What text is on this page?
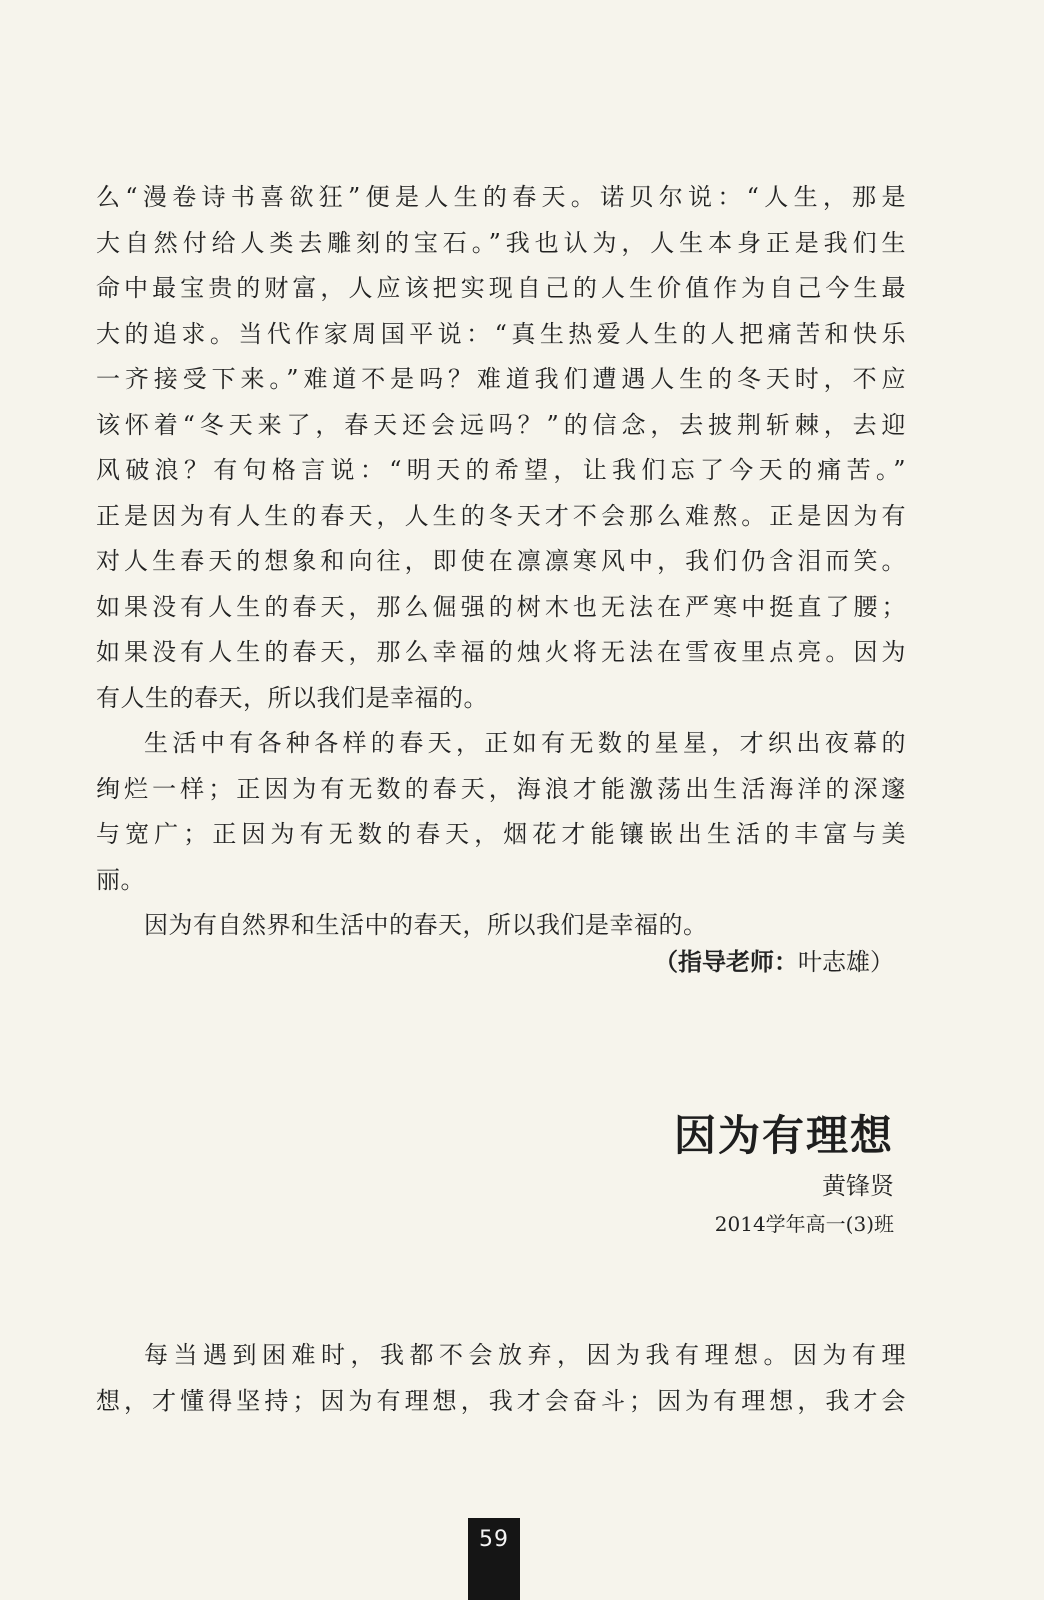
么“漫卷诗书喜欲狂”便是人生的春天。诺贝尔说：“人生，那是
大自然付给人类去雕刻的宝石。”我也认为，人生本身正是我们生
命中最宝贵的财富，人应该把实现自己的人生价值作为自己今生最
大的追求。当代作家周国平说：“真生热爱人生的人把痛苦和快乐
一齐接受下来。”难道不是吗？难道我们遭遇人生的冬天时，不应
该怀着“冬天来了，春天还会远吗？”的信念，去披荆斩棘，去迎
风破浪？有句格言说：“明天的希望，让我们忘了今天的痛苦。”
正是因为有人生的春天，人生的冬天才不会那么难熬。正是因为有
对人生春天的想象和向往，即使在凛凛寒风中，我们仍含泪而笑。
如果没有人生的春天，那么倔强的树木也无法在严寒中挺直了腰；
如果没有人生的春天，那么幸福的烛火将无法在雪夜里点亮。因为
有人生的春天，所以我们是幸福的。
生活中有各种各样的春天，正如有无数的星星，才织出夜幕的
绚烂一样；正因为有无数的春天，海浪才能激荡出生活海洋的深邃
与宽广；正因为有无数的春天，烟花才能镶嵌出生活的丰富与美
丽。
因为有自然界和生活中的春天，所以我们是幸福的。
（指导老师：叶志雄）
因为有理想
黄锋贤
2014学年高一(3)班
每当遇到困难时，我都不会放弃，因为我有理想。因为有理
想，才懂得坚持；因为有理想，我才会奋斗；因为有理想，我才会
59
